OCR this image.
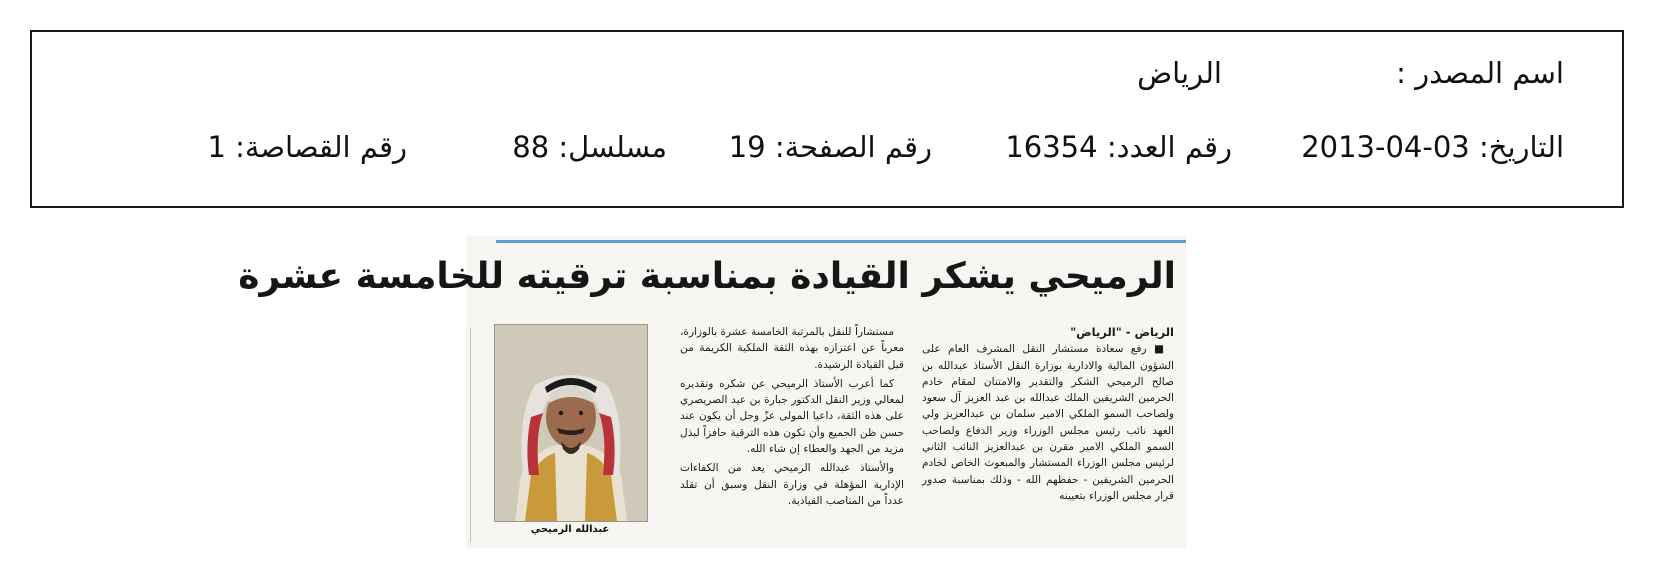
اسم المصدر :
الرياض
التاريخ: 2013-04-03
رقم العدد: 16354
رقم الصفحة: 19
مسلسل: 88
رقم القصاصة: 1
الرميحي يشكر القيادة بمناسبة ترقيته للخامسة عشرة
الرياض - "الرياض"

■ رفع سعادة مستشار النقل المشرف العام على الشؤون المالية والادارية بوزارة النقل الأستاذ عبدالله بن صالح الرميحي الشكر والتقدير والامتنان لمقام خادم الحرمين الشريفين الملك عبدالله بن عبد العزيز آل سعود ولصاحب السمو الملكي الامير سلمان بن عبدالعزيز ولي العهد نائب رئيس مجلس الوزراء وزير الدفاع ولصاحب السمو الملكي الامير مقرن بن عبدالعزيز النائب الثاني لرئيس مجلس الوزراء المستشار والمبعوث الخاص لخادم الحرمين الشريفين - حفظهم الله - وذلك بمناسبة صدور قرار مجلس الوزراء بتعيينه

مستشاراً للنقل بالمرتبة الخامسة عشرة بالوزارة، معرباً عن اعتزازه بهذه الثقة الملكية الكريمة من قبل القيادة الرشيدة.

كما أعرب الأستاذ الرميحي عن شكره وتقديره لمعالي وزير النقل الدكتور جبارة بن عيد الصريصري على هذه الثقة، داعيا المولى عزّ وجل أن يكون عند حسن ظن الجميع وأن تكون هذه الترقية حافزاً لبذل مزيد من الجهد والعطاء إن شاء الله.

والأستاذ عبدالله الرميحي يعد من الكفاءات الإدارية المؤهلة في وزارة النقل وسبق أن تقلد عدداً من المناصب القيادية.

عبدالله الرميحي
